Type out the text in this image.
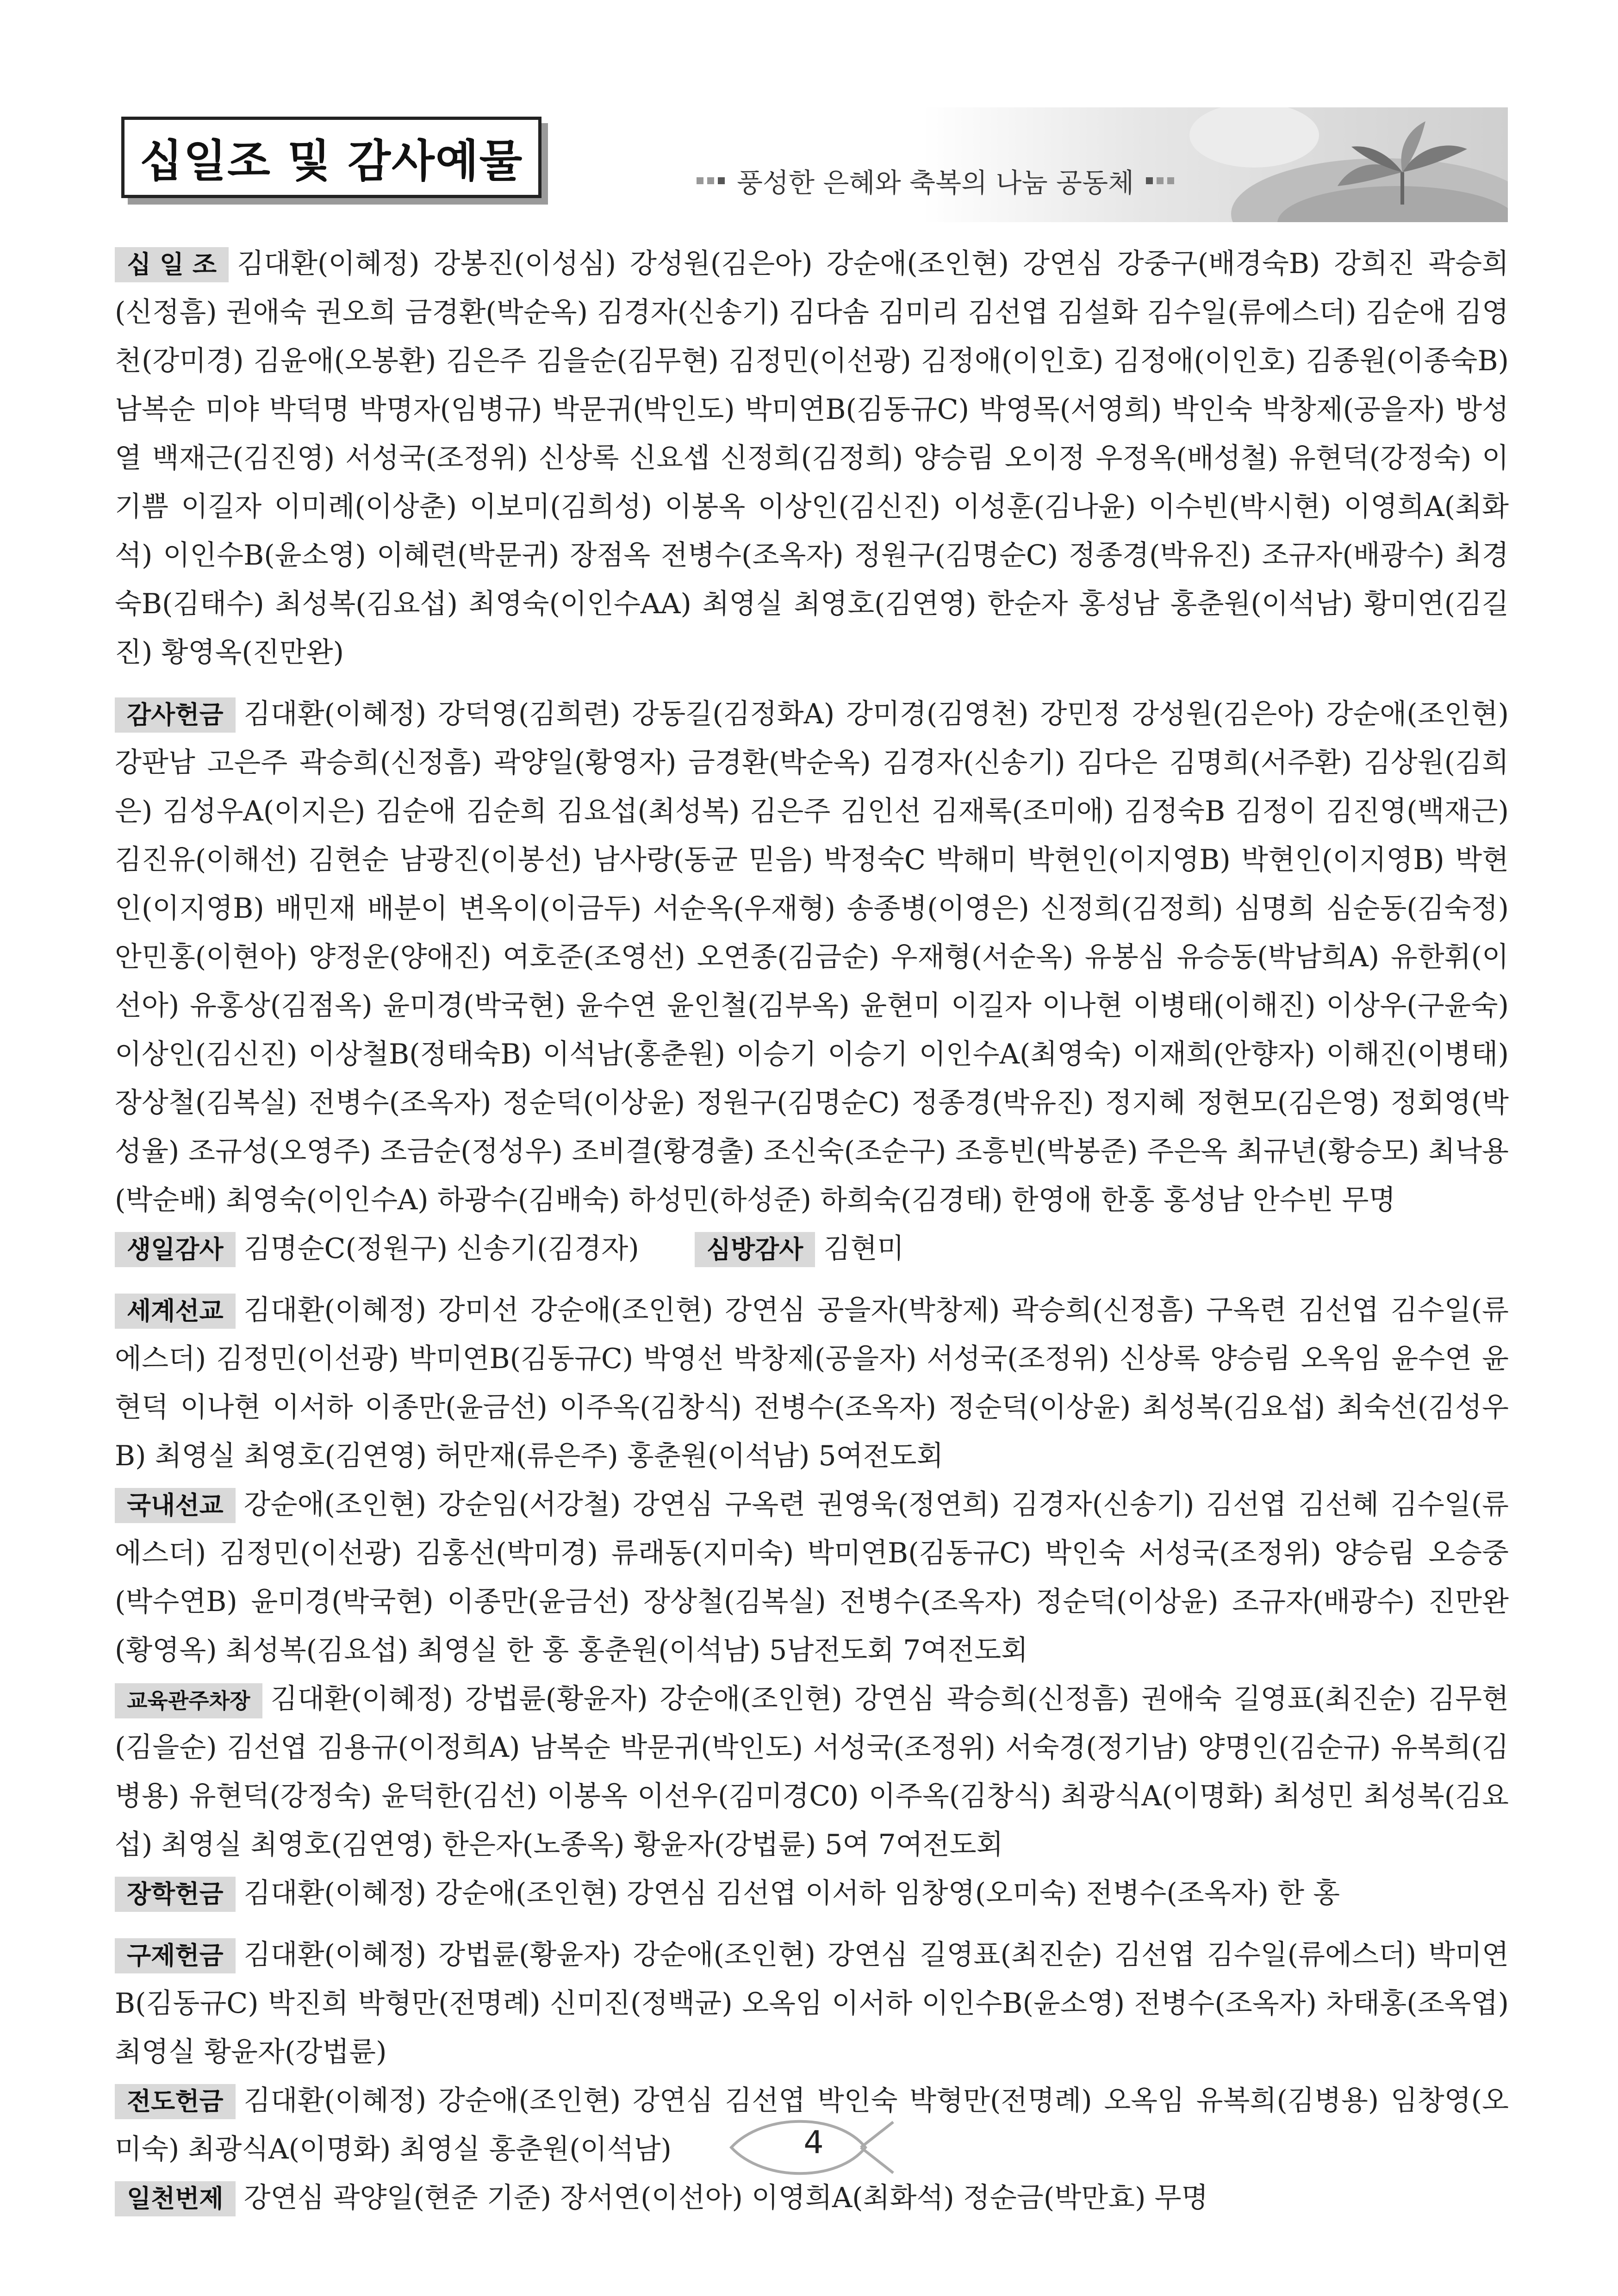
십일조 및 감사예물	풍성한 은혜와 축복의 나눔 공동체

십 일 조 김대환(이혜정) 강봉진(이성심) 강성원(김은아) 강순애(조인현) 강연심 강중구(배경숙B) 강희진 곽승희(신정흠) 권애숙 권오희 금경환(박순옥) 김경자(신송기) 김다솜 김미리 김선엽 김설화 김수일(류에스더) 김순애 김영천(강미경) 김윤애(오봉환) 김은주 김을순(김무현) 김정민(이선광) 김정애(이인호) 김정애(이인호) 김종원(이종숙B) 남복순 미야 박덕명 박명자(임병규) 박문귀(박인도) 박미연B(김동규C) 박영목(서영희) 박인숙 박창제(공을자) 방성열 백재근(김진영) 서성국(조정위) 신상록 신요셉 신정희(김정희) 양승림 오이정 우정옥(배성철) 유현덕(강정숙) 이기쁨 이길자 이미례(이상춘) 이보미(김희성) 이봉옥 이상인(김신진) 이성훈(김나윤) 이수빈(박시현) 이영희A(최화석) 이인수B(윤소영) 이혜련(박문귀) 장점옥 전병수(조옥자) 정원구(김명순C) 정종경(박유진) 조규자(배광수) 최경숙B(김태수) 최성복(김요섭) 최영숙(이인수AA) 최영실 최영호(김연영) 한순자 홍성남 홍춘원(이석남) 황미연(김길진) 황영옥(진만완)

감사헌금 김대환(이혜정) 강덕영(김희련) 강동길(김정화A) 강미경(김영천) 강민정 강성원(김은아) 강순애(조인현) 강판남 고은주 곽승희(신정흠) 곽양일(황영자) 금경환(박순옥) 김경자(신송기) 김다은 김명희(서주환) 김상원(김희은) 김성우A(이지은) 김순애 김순희 김요섭(최성복) 김은주 김인선 김재록(조미애) 김정숙B 김정이 김진영(백재근) 김진유(이해선) 김현순 남광진(이봉선) 남사랑(동균 믿음) 박정숙C 박해미 박현인(이지영B) 박현인(이지영B) 박현인(이지영B) 배민재 배분이 변옥이(이금두) 서순옥(우재형) 송종병(이영은) 신정희(김정희) 심명희 심순동(김숙정) 안민홍(이현아) 양정운(양애진) 여호준(조영선) 오연종(김금순) 우재형(서순옥) 유봉심 유승동(박남희A) 유한휘(이선아) 유홍상(김점옥) 윤미경(박국현) 윤수연 윤인철(김부옥) 윤현미 이길자 이나현 이병태(이해진) 이상우(구윤숙) 이상인(김신진) 이상철B(정태숙B) 이석남(홍춘원) 이승기 이승기 이인수A(최영숙) 이재희(안향자) 이해진(이병태) 장상철(김복실) 전병수(조옥자) 정순덕(이상윤) 정원구(김명순C) 정종경(박유진) 정지혜 정현모(김은영) 정회영(박성율) 조규성(오영주) 조금순(정성우) 조비결(황경출) 조신숙(조순구) 조흥빈(박봉준) 주은옥 최규년(황승모) 최낙용(박순배) 최영숙(이인수A) 하광수(김배숙) 하성민(하성준) 하희숙(김경태) 한영애 한홍 홍성남 안수빈 무명

생일감사 김명순C(정원구) 신송기(김경자)	심방감사 김현미

세계선교 김대환(이혜정) 강미선 강순애(조인현) 강연심 공을자(박창제) 곽승희(신정흠) 구옥련 김선엽 김수일(류에스더) 김정민(이선광) 박미연B(김동규C) 박영선 박창제(공을자) 서성국(조정위) 신상록 양승림 오옥임 윤수연 윤현덕 이나현 이서하 이종만(윤금선) 이주옥(김창식) 전병수(조옥자) 정순덕(이상윤) 최성복(김요섭) 최숙선(김성우B) 최영실 최영호(김연영) 허만재(류은주) 홍춘원(이석남) 5여전도회

국내선교 강순애(조인현) 강순임(서강철) 강연심 구옥련 권영욱(정연희) 김경자(신송기) 김선엽 김선혜 김수일(류에스더) 김정민(이선광) 김홍선(박미경) 류래동(지미숙) 박미연B(김동규C) 박인숙 서성국(조정위) 양승림 오승중(박수연B) 윤미경(박국현) 이종만(윤금선) 장상철(김복실) 전병수(조옥자) 정순덕(이상윤) 조규자(배광수) 진만완(황영옥) 최성복(김요섭) 최영실 한 홍 홍춘원(이석남) 5남전도회 7여전도회

교육관주차장 김대환(이혜정) 강법륜(황윤자) 강순애(조인현) 강연심 곽승희(신정흠) 권애숙 길영표(최진순) 김무현(김을순) 김선엽 김용규(이정희A) 남복순 박문귀(박인도) 서성국(조정위) 서숙경(정기남) 양명인(김순규) 유복희(김병용) 유현덕(강정숙) 윤덕한(김선) 이봉옥 이선우(김미경C0) 이주옥(김창식) 최광식A(이명화) 최성민 최성복(김요섭) 최영실 최영호(김연영) 한은자(노종옥) 황윤자(강법륜) 5여 7여전도회

장학헌금 김대환(이혜정) 강순애(조인현) 강연심 김선엽 이서하 임창영(오미숙) 전병수(조옥자) 한 홍

구제헌금 김대환(이혜정) 강법륜(황윤자) 강순애(조인현) 강연심 길영표(최진순) 김선엽 김수일(류에스더) 박미연B(김동규C) 박진희 박형만(전명례) 신미진(정백균) 오옥임 이서하 이인수B(윤소영) 전병수(조옥자) 차태홍(조옥엽) 최영실 황윤자(강법륜)

전도헌금 김대환(이혜정) 강순애(조인현) 강연심 김선엽 박인숙 박형만(전명례) 오옥임 유복희(김병용) 임창영(오미숙) 최광식A(이명화) 최영실 홍춘원(이석남)

일천번제 강연심 곽양일(현준 기준) 장서연(이선아) 이영희A(최화석) 정순금(박만효) 무명

4
